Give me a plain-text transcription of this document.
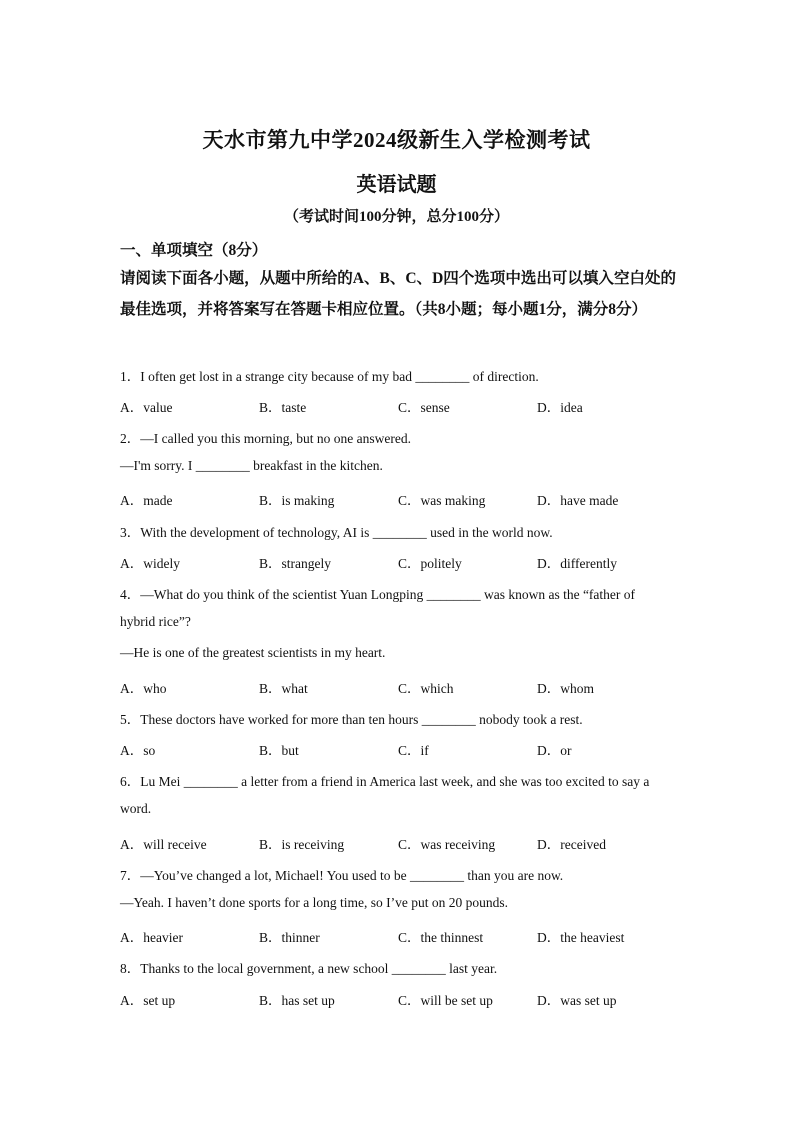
天水市第九中学2024级新生入学检测考试
英语试题
（考试时间100分钟，总分100分）
一、单项填空（8分）
请阅读下面各小题，从题中所给的A、B、C、D四个选项中选出可以填入空白处的最佳选项，并将答案写在答题卡相应位置。（共8小题；每小题1分，满分8分）
1．I often get lost in a strange city because of my bad ________ of direction.
A．value	B．taste	C．sense	D．idea
2．—I called you this morning, but no one answered.
—I'm sorry. I ________ breakfast in the kitchen.
A．made	B．is making	C．was making	D．have made
3．With the development of technology, AI is ________ used in the world now.
A．widely	B．strangely	C．politely	D．differently
4．—What do you think of the scientist Yuan Longping ________ was known as the “father of
hybrid rice”?
—He is one of the greatest scientists in my heart.
A．who	B．what	C．which	D．whom
5．These doctors have worked for more than ten hours ________ nobody took a rest.
A．so	B．but	C．if	D．or
6．Lu Mei ________ a letter from a friend in America last week, and she was too excited to say a
word.
A．will receive	B．is receiving	C．was receiving	D．received
7．—You’ve changed a lot, Michael! You used to be ________ than you are now.
—Yeah. I haven’t done sports for a long time, so I’ve put on 20 pounds.
A．heavier	B．thinner	C．the thinnest	D．the heaviest
8．Thanks to the local government, a new school ________ last year.
A．set up	B．has set up	C．will be set up	D．was set up
